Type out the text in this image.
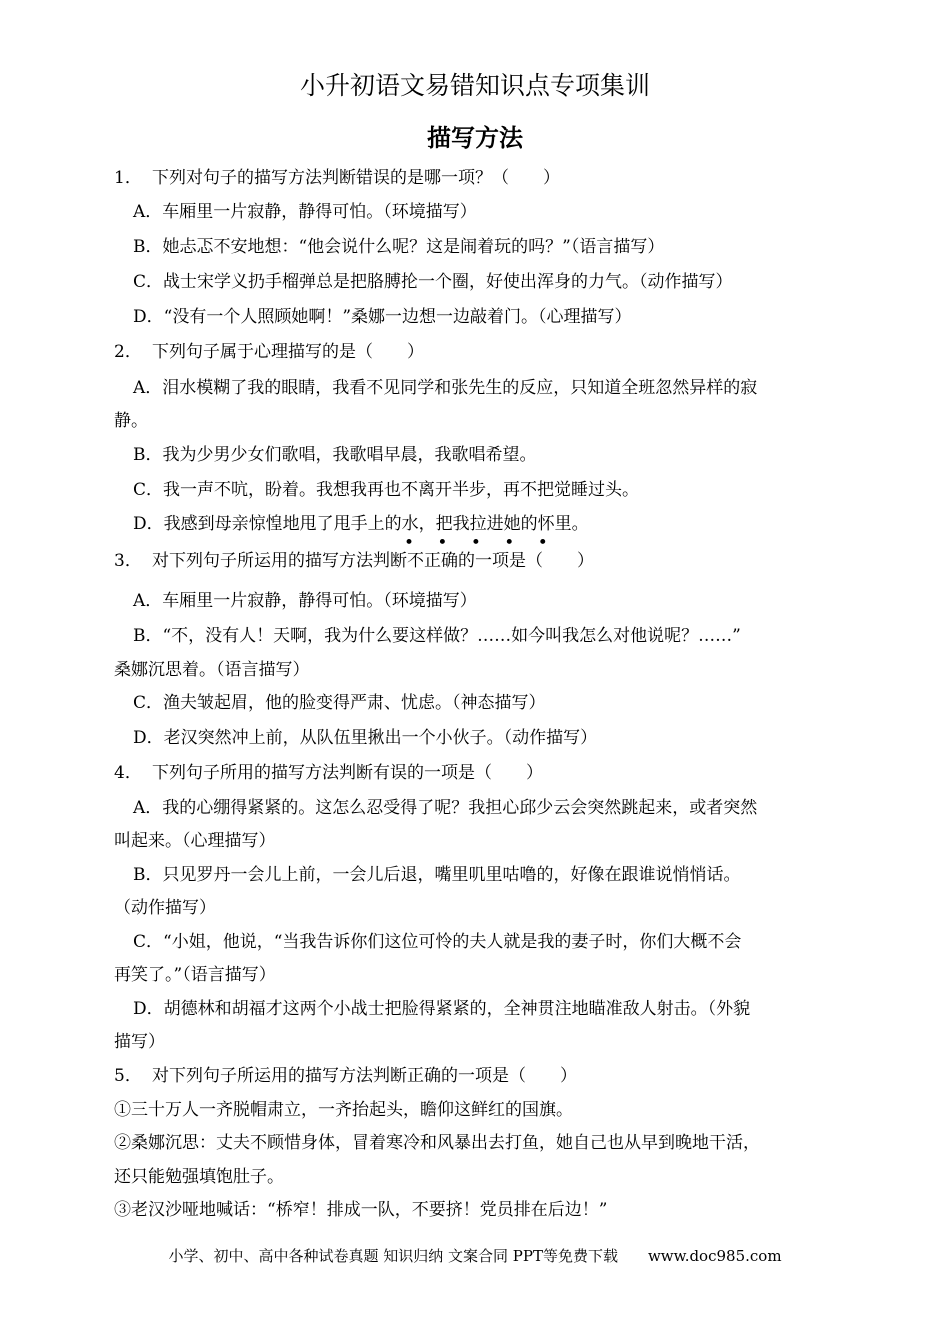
小升初语文易错知识点专项集训
描写方法
1． 下列对句子的描写方法判断错误的是哪一项？（　　）
A．车厢里一片寂静，静得可怕。（环境描写）
B．她忐忑不安地想：“他会说什么呢？这是闹着玩的吗？”（语言描写）
C．战士宋学义扔手榴弹总是把胳膊抡一个圈，好使出浑身的力气。（动作描写）
D．“没有一个人照顾她啊！”桑娜一边想一边敲着门。（心理描写）
2． 下列句子属于心理描写的是（　　）
A．泪水模糊了我的眼睛，我看不见同学和张先生的反应，只知道全班忽然异样的寂
静。
B．我为少男少女们歌唱，我歌唱早晨，我歌唱希望。
C．我一声不吭，盼着。我想我再也不离开半步，再不把觉睡过头。
D．我感到母亲惊惶地甩了甩手上的水，把我拉进她的怀里。
• • • • •
3． 对下列句子所运用的描写方法判断不正确的一项是（　　）
A．车厢里一片寂静，静得可怕。（环境描写）
B．“不，没有人！天啊，我为什么要这样做？……如今叫我怎么对他说呢？……”
桑娜沉思着。（语言描写）
C．渔夫皱起眉，他的脸变得严肃、忧虑。（神态描写）
D．老汉突然冲上前，从队伍里揪出一个小伙子。（动作描写）
4． 下列句子所用的描写方法判断有误的一项是（　　）
A．我的心绷得紧紧的。这怎么忍受得了呢？我担心邱少云会突然跳起来，或者突然
叫起来。（心理描写）
B．只见罗丹一会儿上前，一会儿后退，嘴里叽里咕噜的，好像在跟谁说悄悄话。
（动作描写）
C．“小姐，他说，“当我告诉你们这位可怜的夫人就是我的妻子时，你们大概不会
再笑了。”（语言描写）
D．胡德林和胡福才这两个小战士把脸得紧紧的，全神贯注地瞄准敌人射击。（外貌
描写）
5． 对下列句子所运用的描写方法判断正确的一项是（　　）
①三十万人一齐脱帽肃立，一齐抬起头，瞻仰这鲜红的国旗。
②桑娜沉思：丈夫不顾惜身体，冒着寒冷和风暴出去打鱼，她自己也从早到晚地干活，
还只能勉强填饱肚子。
③老汉沙哑地喊话：“桥窄！排成一队，不要挤！党员排在后边！”
小学、初中、高中各种试卷真题 知识归纳 文案合同 PPT等免费下载　　www.doc985.com
